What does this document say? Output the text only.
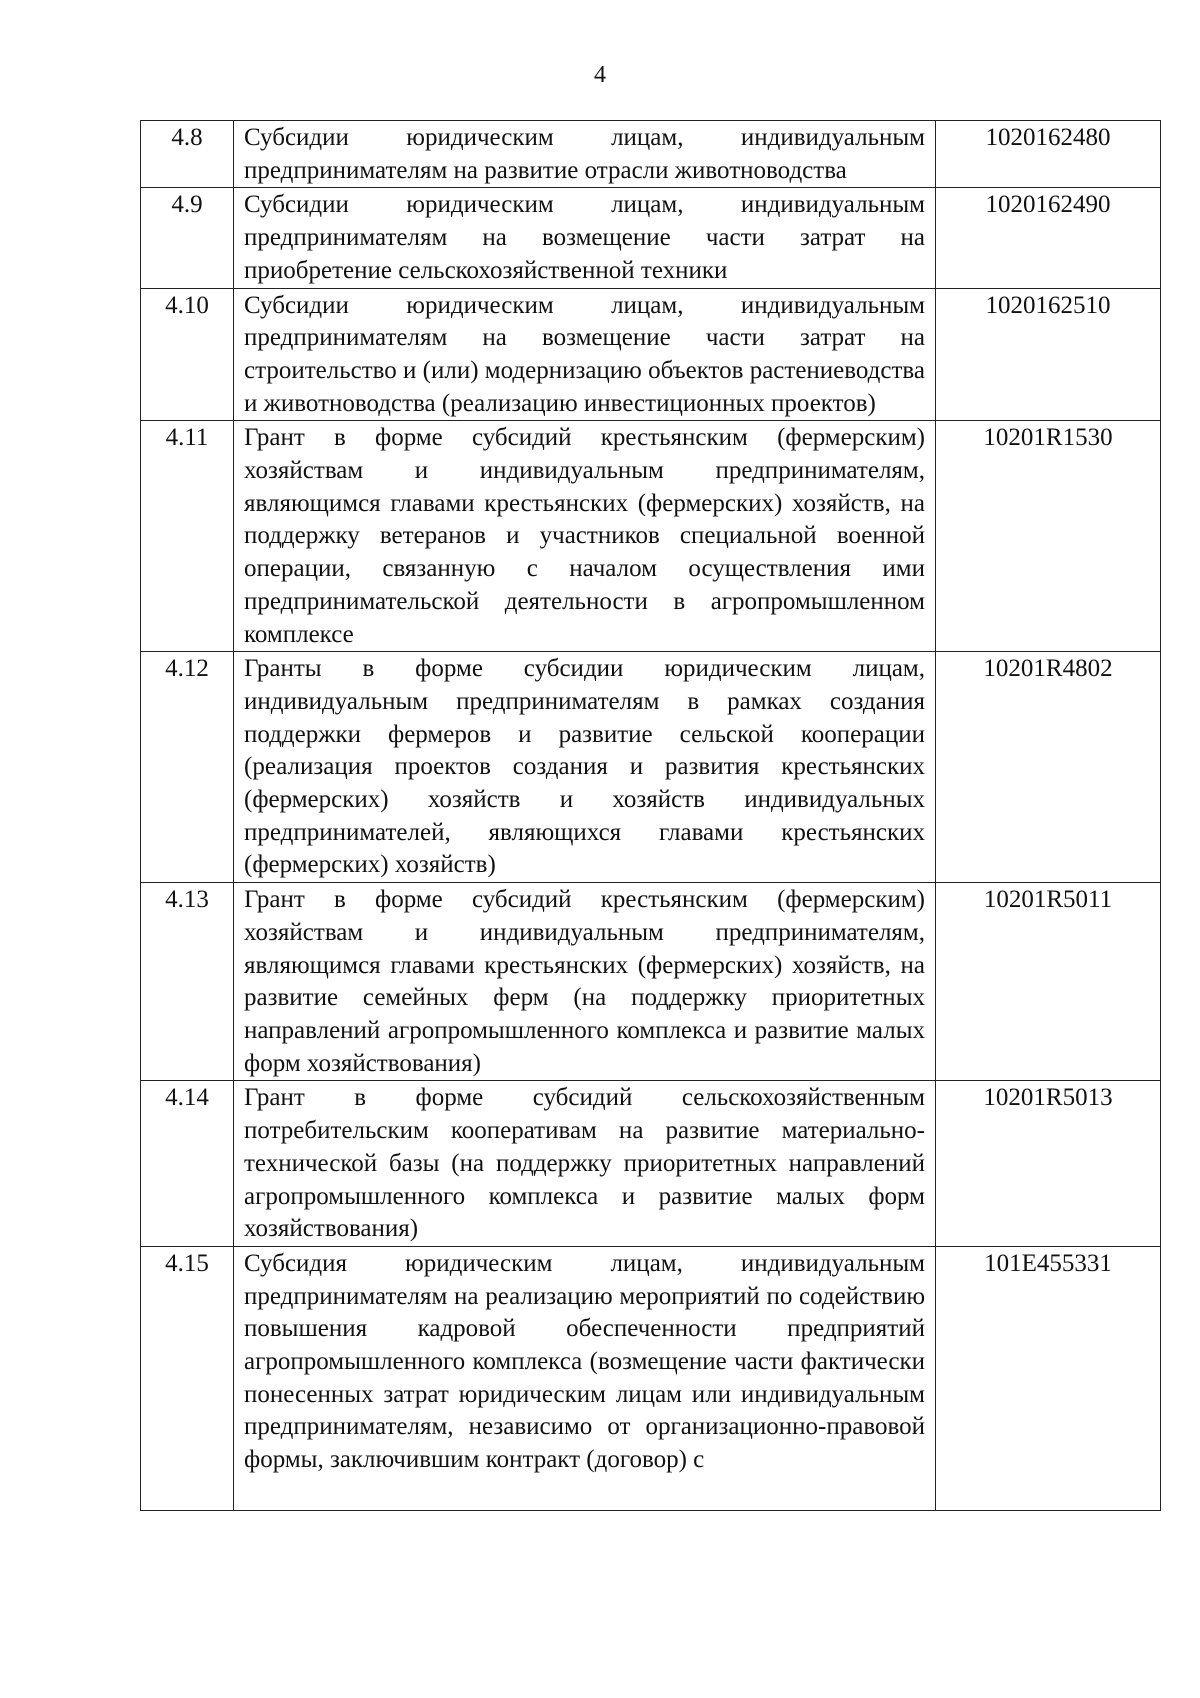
4
4.8	Субсидии юридическим лицам, индивидуальным предпринимателям на развитие отрасли животноводства	1020162480
4.9	Субсидии юридическим лицам, индивидуальным предпринимателям на возмещение части затрат на приобретение сельскохозяйственной техники	1020162490
4.10	Субсидии юридическим лицам, индивидуальным предпринимателям на возмещение части затрат на строительство и (или) модернизацию объектов растениеводства и животноводства (реализацию инвестиционных проектов)	1020162510
4.11	Грант в форме субсидий крестьянским (фермерским) хозяйствам и индивидуальным предпринимателям, являющимся главами крестьянских (фермерских) хозяйств, на поддержку ветеранов и участников специальной военной операции, связанную с началом осуществления ими предпринимательской деятельности в агропромышленном комплексе	10201R1530
4.12	Гранты в форме субсидии юридическим лицам, индивидуальным предпринимателям в рамках создания поддержки фермеров и развитие сельской кооперации (реализация проектов создания и развития крестьянских (фермерских) хозяйств и хозяйств индивидуальных предпринимателей, являющихся главами крестьянских (фермерских) хозяйств)	10201R4802
4.13	Грант в форме субсидий крестьянским (фермерским) хозяйствам и индивидуальным предпринимателям, являющимся главами крестьянских (фермерских) хозяйств, на развитие семейных ферм (на поддержку приоритетных направлений агропромышленного комплекса и развитие малых форм хозяйствования)	10201R5011
4.14	Грант в форме субсидий сельскохозяйственным потребительским кооперативам на развитие материально-технической базы (на поддержку приоритетных направлений агропромышленного комплекса и развитие малых форм хозяйствования)	10201R5013
4.15	Субсидия юридическим лицам, индивидуальным предпринимателям на реализацию мероприятий по содействию повышения кадровой обеспеченности предприятий агропромышленного комплекса (возмещение части фактически понесенных затрат юридическим лицам или индивидуальным предпринимателям, независимо от организационно-правовой формы, заключившим контракт (договор) с	101E455331
